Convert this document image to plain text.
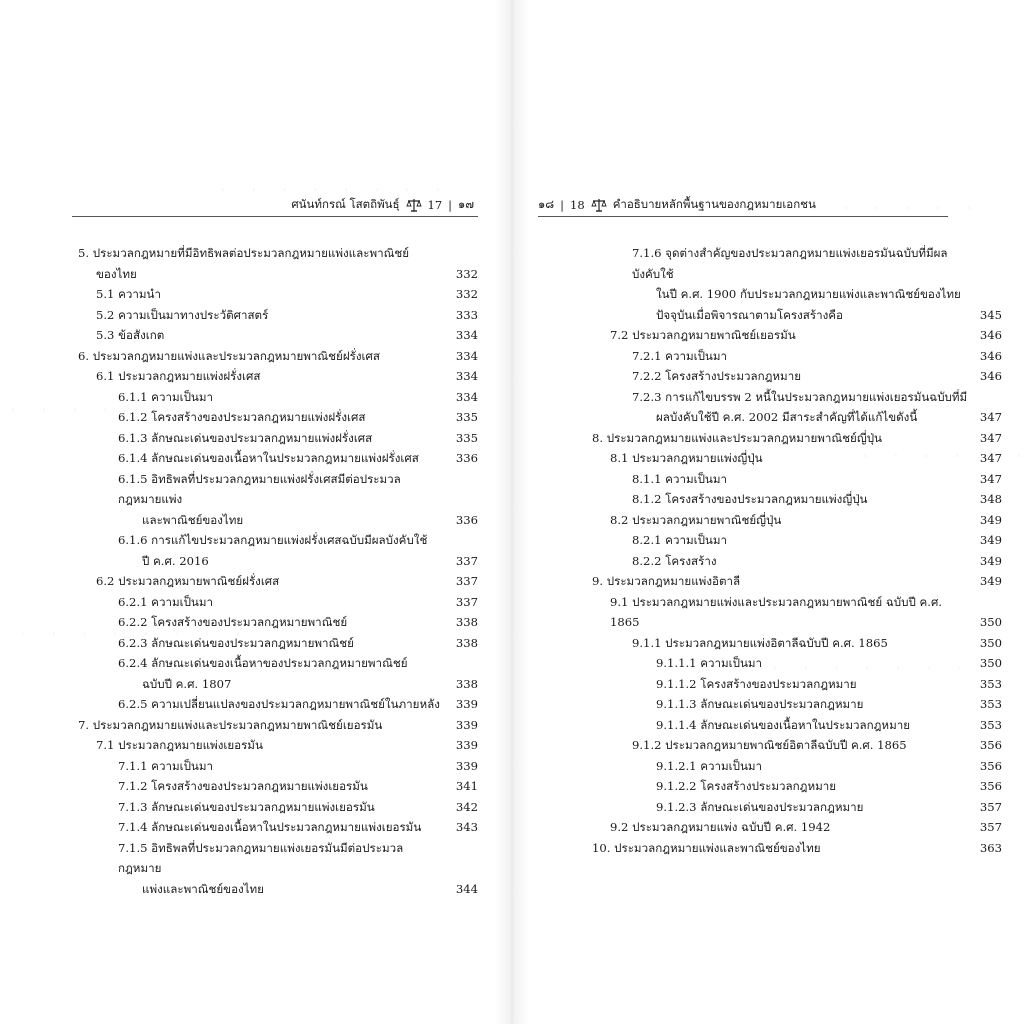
ศนันท์กรณ์ โสตถิพันธุ์ 17 | ๑๗
5. ประมวลกฎหมายที่มีอิทธิพลต่อประมวลกฎหมายแพ่งและพาณิชย์
ของไทย	332
5.1 ความนำ	332
5.2 ความเป็นมาทางประวัติศาสตร์	333
5.3 ข้อสังเกต	334
6. ประมวลกฎหมายแพ่งและประมวลกฎหมายพาณิชย์ฝรั่งเศส	334
6.1 ประมวลกฎหมายแพ่งฝรั่งเศส	334
6.1.1 ความเป็นมา	334
6.1.2 โครงสร้างของประมวลกฎหมายแพ่งฝรั่งเศส	335
6.1.3 ลักษณะเด่นของประมวลกฎหมายแพ่งฝรั่งเศส	335
6.1.4 ลักษณะเด่นของเนื้อหาในประมวลกฎหมายแพ่งฝรั่งเศส	336
6.1.5 อิทธิพลที่ประมวลกฎหมายแพ่งฝรั่งเศสมีต่อประมวลกฎหมายแพ่ง
และพาณิชย์ของไทย	336
6.1.6 การแก้ไขประมวลกฎหมายแพ่งฝรั่งเศสฉบับมีผลบังคับใช้
ปี ค.ศ. 2016	337
6.2 ประมวลกฎหมายพาณิชย์ฝรั่งเศส	337
6.2.1 ความเป็นมา	337
6.2.2 โครงสร้างของประมวลกฎหมายพาณิชย์	338
6.2.3 ลักษณะเด่นของประมวลกฎหมายพาณิชย์	338
6.2.4 ลักษณะเด่นของเนื้อหาของประมวลกฎหมายพาณิชย์
ฉบับปี ค.ศ. 1807	338
6.2.5 ความเปลี่ยนแปลงของประมวลกฎหมายพาณิชย์ในภายหลัง	339
7. ประมวลกฎหมายแพ่งและประมวลกฎหมายพาณิชย์เยอรมัน	339
7.1 ประมวลกฎหมายแพ่งเยอรมัน	339
7.1.1 ความเป็นมา	339
7.1.2 โครงสร้างของประมวลกฎหมายแพ่งเยอรมัน	341
7.1.3 ลักษณะเด่นของประมวลกฎหมายแพ่งเยอรมัน	342
7.1.4 ลักษณะเด่นของเนื้อหาในประมวลกฎหมายแพ่งเยอรมัน	343
7.1.5 อิทธิพลที่ประมวลกฎหมายแพ่งเยอรมันมีต่อประมวลกฎหมาย
แพ่งและพาณิชย์ของไทย	344
๑๘ | 18 คำอธิบายหลักพื้นฐานของกฎหมายเอกชน
7.1.6 จุดต่างสำคัญของประมวลกฎหมายแพ่งเยอรมันฉบับที่มีผลบังคับใช้
ในปี ค.ศ. 1900 กับประมวลกฎหมายแพ่งและพาณิชย์ของไทย
ปัจจุบันเมื่อพิจารณาตามโครงสร้างคือ	345
7.2 ประมวลกฎหมายพาณิชย์เยอรมัน	346
7.2.1 ความเป็นมา	346
7.2.2 โครงสร้างประมวลกฎหมาย	346
7.2.3 การแก้ไขบรรพ 2 หนี้ในประมวลกฎหมายแพ่งเยอรมันฉบับที่มี
ผลบังคับใช้ปี ค.ศ. 2002 มีสาระสำคัญที่ได้แก้ไขดังนี้	347
8. ประมวลกฎหมายแพ่งและประมวลกฎหมายพาณิชย์ญี่ปุ่น	347
8.1 ประมวลกฎหมายแพ่งญี่ปุ่น	347
8.1.1 ความเป็นมา	347
8.1.2 โครงสร้างของประมวลกฎหมายแพ่งญี่ปุ่น	348
8.2 ประมวลกฎหมายพาณิชย์ญี่ปุ่น	349
8.2.1 ความเป็นมา	349
8.2.2 โครงสร้าง	349
9. ประมวลกฎหมายแพ่งอิตาลี	349
9.1 ประมวลกฎหมายแพ่งและประมวลกฎหมายพาณิชย์ ฉบับปี ค.ศ. 1865	350
9.1.1 ประมวลกฎหมายแพ่งอิตาลีฉบับปี ค.ศ. 1865	350
9.1.1.1 ความเป็นมา	350
9.1.1.2 โครงสร้างของประมวลกฎหมาย	353
9.1.1.3 ลักษณะเด่นของประมวลกฎหมาย	353
9.1.1.4 ลักษณะเด่นของเนื้อหาในประมวลกฎหมาย	353
9.1.2 ประมวลกฎหมายพาณิชย์อิตาลีฉบับปี ค.ศ. 1865	356
9.1.2.1 ความเป็นมา	356
9.1.2.2 โครงสร้างประมวลกฎหมาย	356
9.1.2.3 ลักษณะเด่นของประมวลกฎหมาย	357
9.2 ประมวลกฎหมายแพ่ง ฉบับปี ค.ศ. 1942	357
10. ประมวลกฎหมายแพ่งและพาณิชย์ของไทย	363
